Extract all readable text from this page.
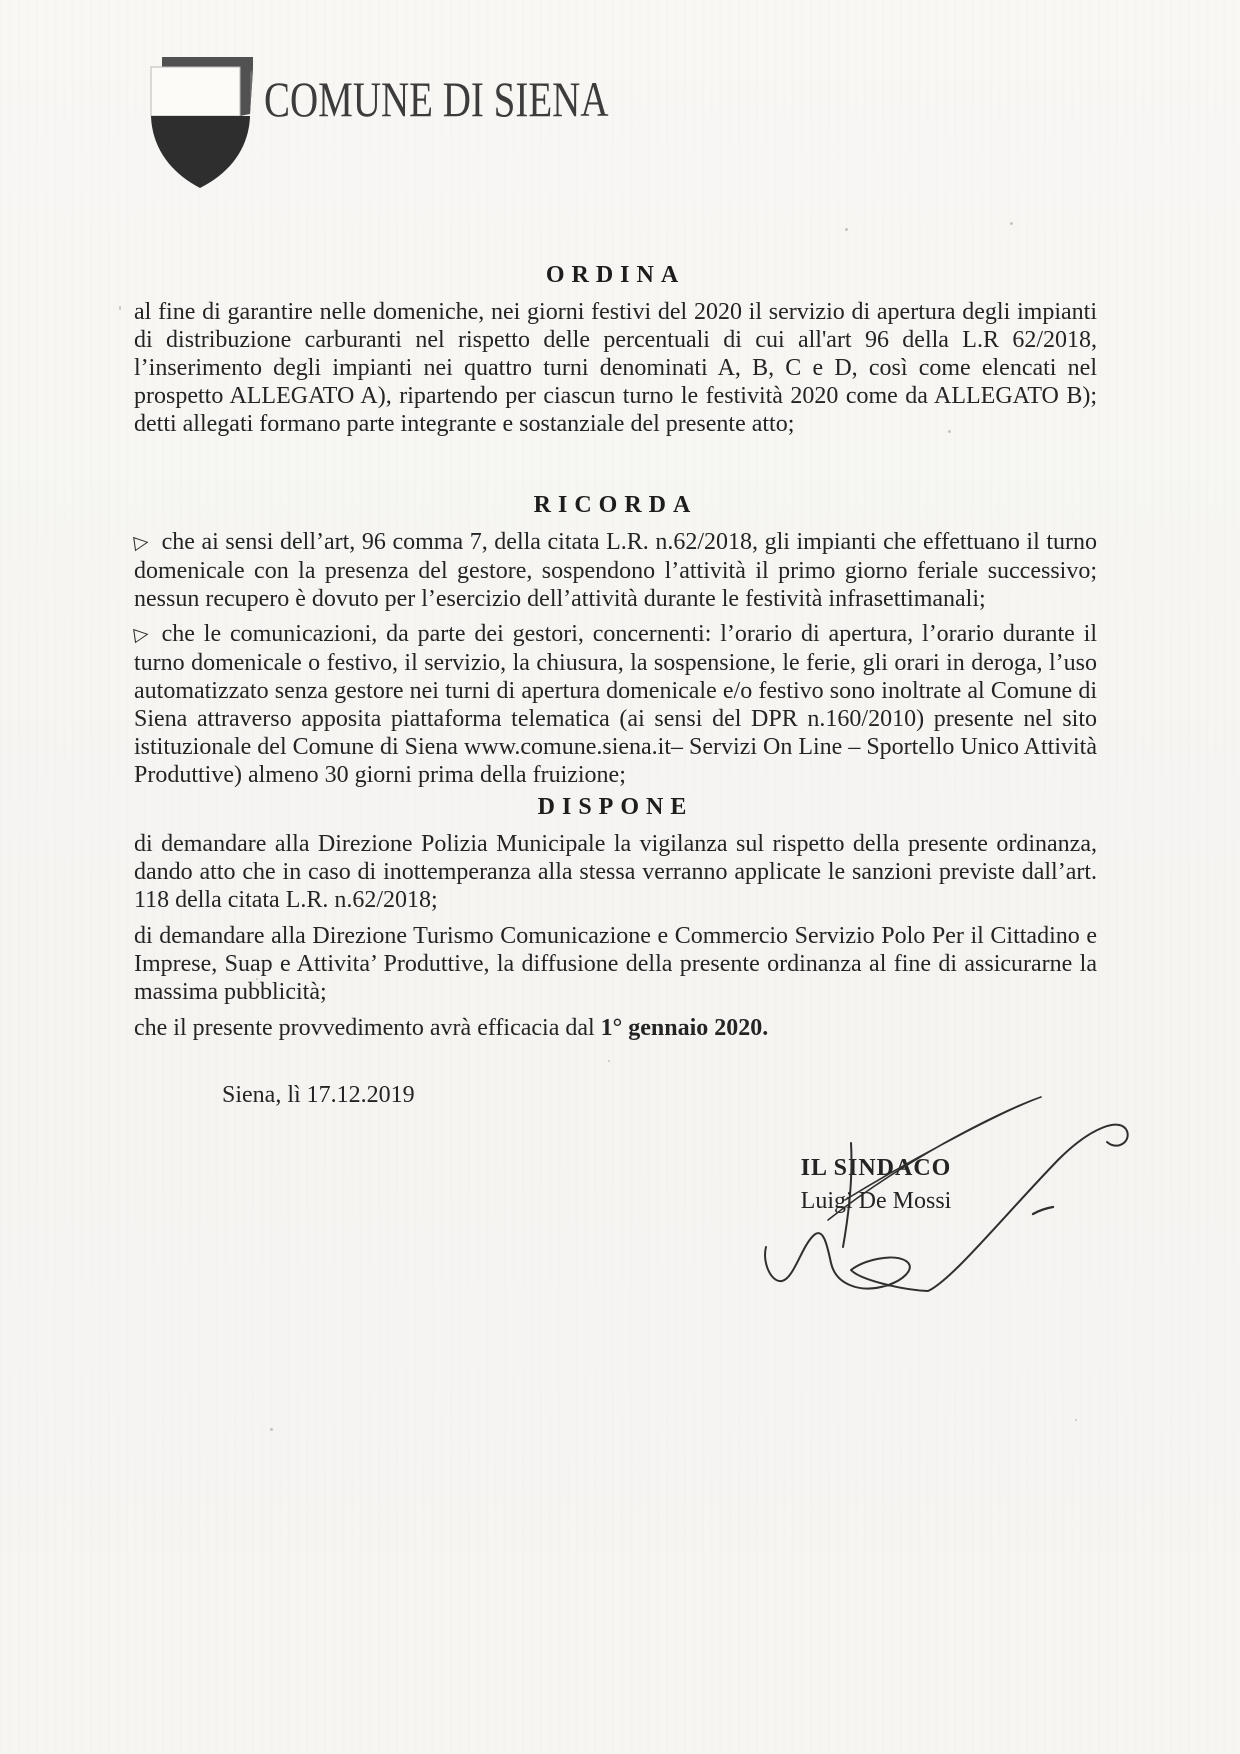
COMUNE DI SIENA
ORDINA

al fine di garantire nelle domeniche, nei giorni festivi del 2020 il servizio di apertura degli impianti di distribuzione carburanti nel rispetto delle percentuali di cui all'art 96 della L.R 62/2018, l’inserimento degli impianti nei quattro turni denominati A, B, C e D, così come elencati nel prospetto ALLEGATO A), ripartendo per ciascun turno le festività 2020 come da ALLEGATO B); detti allegati formano parte integrante e sostanziale del presente atto;

RICORDA

▷ che ai sensi dell’art, 96 comma 7, della citata L.R. n.62/2018, gli impianti che effettuano il turno domenicale con la presenza del gestore, sospendono l’attività il primo giorno feriale successivo; nessun recupero è dovuto per l’esercizio dell’attività durante le festività infrasettimanali;

▷ che le comunicazioni, da parte dei gestori, concernenti: l’orario di apertura, l’orario durante il turno domenicale o festivo, il servizio, la chiusura, la sospensione, le ferie, gli orari in deroga, l’uso automatizzato senza gestore nei turni di apertura domenicale e/o festivo sono inoltrate al Comune di Siena attraverso apposita piattaforma telematica (ai sensi del DPR n.160/2010) presente nel sito istituzionale del Comune di Siena www.comune.siena.it– Servizi On Line – Sportello Unico Attività Produttive) almeno 30 giorni prima della fruizione;

DISPONE

di demandare alla Direzione Polizia Municipale la vigilanza sul rispetto della presente ordinanza, dando atto che in caso di inottemperanza alla stessa verranno applicate le sanzioni previste dall’art. 118 della citata L.R. n.62/2018;

di demandare alla Direzione Turismo Comunicazione e Commercio Servizio Polo Per il Cittadino e Imprese, Suap e Attivita’ Produttive, la diffusione della presente ordinanza al fine di assicurarne la massima pubblicità;

che il presente provvedimento avrà efficacia dal 1° gennaio 2020.

Siena, lì 17.12.2019
IL SINDACO
Luigi De Mossi
